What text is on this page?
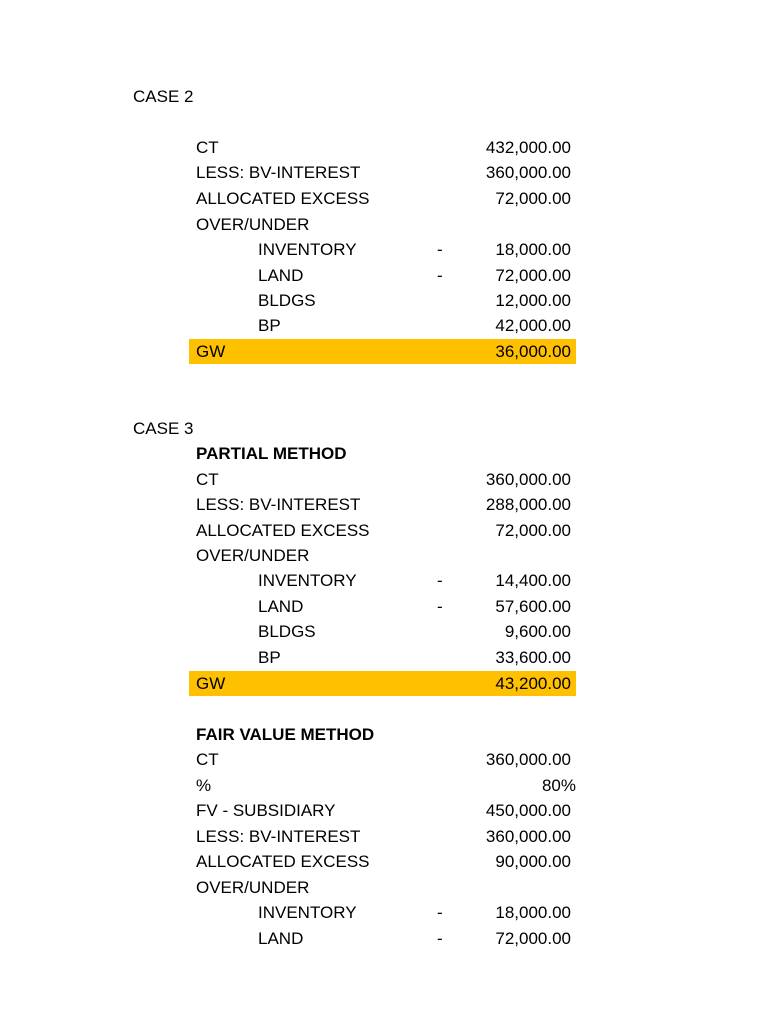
CASE 2
CT	432,000.00
LESS: BV-INTEREST	360,000.00
ALLOCATED EXCESS	72,000.00
OVER/UNDER
INVENTORY	-	18,000.00
LAND	-	72,000.00
BLDGS	12,000.00
BP	42,000.00
GW	36,000.00
CASE 3
PARTIAL METHOD
CT	360,000.00
LESS: BV-INTEREST	288,000.00
ALLOCATED EXCESS	72,000.00
OVER/UNDER
INVENTORY	-	14,400.00
LAND	-	57,600.00
BLDGS	9,600.00
BP	33,600.00
GW	43,200.00
FAIR VALUE METHOD
CT	360,000.00
%	80%
FV - SUBSIDIARY	450,000.00
LESS: BV-INTEREST	360,000.00
ALLOCATED EXCESS	90,000.00
OVER/UNDER
INVENTORY	-	18,000.00
LAND	-	72,000.00
